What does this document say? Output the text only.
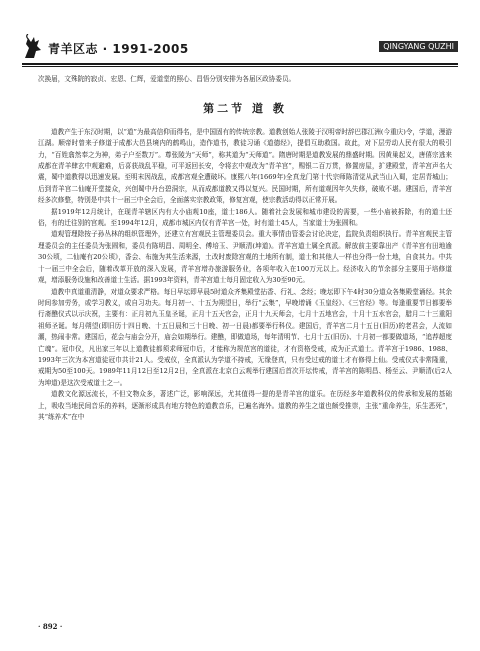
青羊区志 · 1991-2005	QINGYANG QUZHI

次换届，文殊院的寂贞、宏恩、仁辉，爱道堂的照心、昌悟分别安排为各届区政协委员。

第二节 道 教

道教产生于东汉时期，以“道”为最高信仰而得名，是中国固有的传统宗教。道教创始人张陵于汉明帝时辞巴郡江洲(今重庆)令，学道，漫游江湖。顺帝时曾来子修道于成都大邑县境内的鹤鸣山，造作道书，教徒习诵《道德经》，提倡互助救国。故此，对下层劳动人民有很大的吸引力，“百姓翕然奉之为神，弟子户至数万”。尊张陵为“天师”，称其道为“天师道”。隋唐时期是道教发展的鼎盛时期。因黄巢起义，唐僖宗逃来成都在青羊肆玄中观避难，后喜获战乱平稳，可平返回长安，令将玄中观改为“青羊宫”，赐银二百万贯，修置房屋，扩建殿堂，青羊宫声名大震，蜀中道教得以迅速发展。至明末因战乱，成都宫观全遭破坏。康熙八年(1669年)全真龙门第十代宗师陈清觉从武当山入蜀，定居青城山；后到青羊宫二仙庵开堂接众，兴创蜀中丹台碧洞宗，从而成都道教又得以复兴。民国时期，所有道观因年久失修，破败不堪。建国后，青羊宫经多次修整，特别是中共十一届三中全会后，全面落实宗教政策，修复宫观，使宗教活动得以正常开展。

据1919年12月统计，在现青羊辖区内有大小庙观10座，道士186人。随着社会发展和城市建设的需要，一些小庙被拆除，有的道士还俗，有的迁往别的宫观。至1994年12月，成都市城区内仅有青羊宫一处，时有道士45人，当家道士为张圆和。

道观管理除按子孙丛林的组织管理外，还建立有宫观民主管理委员会。重大事情由管委会讨论决定，监院负责组织执行。青羊宫观民主管理委员会的主任委员为张圆和，委员有陈明昌、周明全、傅培玉、尹顺清(坤道)。青羊宫道士属全真派。解放前主要靠出产《青羊宫有田地逾30公顷，二仙庵有20公顷》，香会、布施为其生活来源，土改时废除宫观的土地所有制，道士和其他人一样也分得一份土地，自食其力。中共十一届三中全会后，随着改革开放的深入发展，青羊宫增办旅游服务业，各项年收入在100万元以上。经济收入的节余部分主要用于培修道观，增添服务设施和改善道士生活。据1993年资料，青羊宫道士每月固定收入为30至90元。

道教中真道重清静，对道众要求严格。每日早坛即早晨5时道众齐集殿堂拈香、行礼、念经；晚坛即下午4时30分道众各集殿堂诵经。其余时间参加劳务，或学习教义，或自习功夫。每月初一、十五为朔望日，举行“云集”，早晚增诵《玉皇经》、《三官经》等。每逢重要节日都要举行斋醮仪式以示庆祝，主要有：正月初九玉皇圣诞，正月十五天官会，正月十九天师会，七月十五地官会，十月十五水官会，腊月二十三重阳祖师圣诞。每月朔望(即旧历十四日晚、十五日晨和三十日晚、初一日晨)都要举行科仪。建国后，青羊宫二月十五日(旧历)的老君会，人流如潮，热闹非常。建国后，花会与庙会分开，庙会如期举行。建醮，即做道场，每年清明节、七月十五(旧历)、十月初一都要做道场，“追荐超度亡魂”。冠巾仪，凡出家三年以上道教徒都须求师冠巾后，才能称为规范宫的道徒，才有资格受戒，成为正式道士。青羊宫于1986、1988、1993年三次为本宫道徒冠巾共计21人。受戒仪，全真派认为学道不持戒，无缘登真，只有受过戒的道士才有修得上仙。受戒仪式非常隆重，戒期为50至100天。1989年11月12日至12月2日，全真派在北京白云观举行建国后首次开坛传戒，青羊宫的陈明昌、杨至云、尹顺清(后2人为坤道)是这次受戒道士之一。

道教文化源远流长，不但文物众多，著述广泛，影响深远，尤其值得一提的是青羊宫的道乐。在历经多年道教科仪的传承和发展的基础上，吸收当地民间音乐的养料，逐渐形成具有地方特色的道教音乐，已遍名海外。道教的养生之道也颇受推崇，主张“重命养生，乐生恶死”，其“练养术”在中

· 892 ·
